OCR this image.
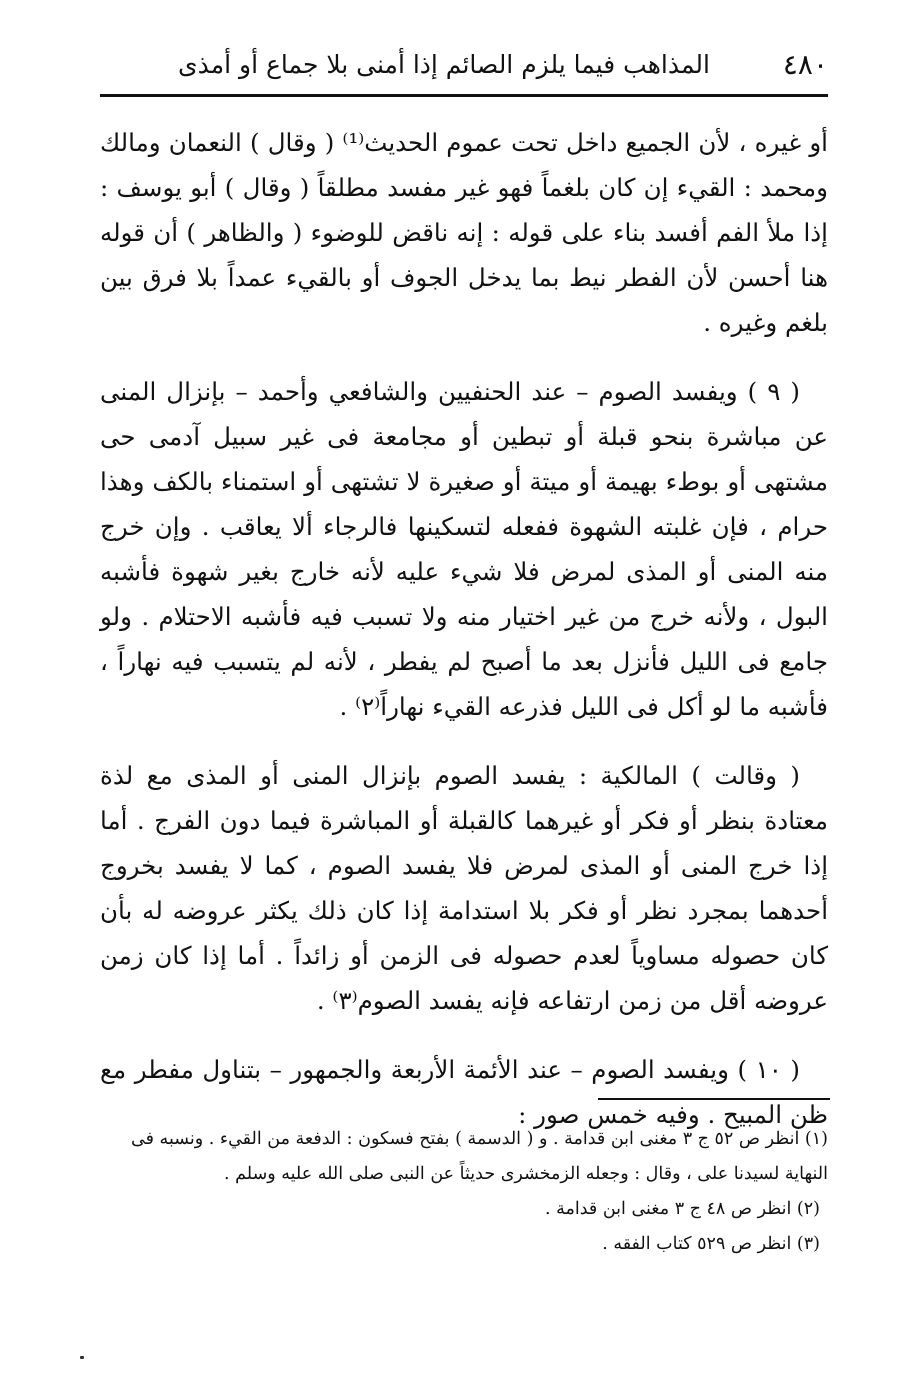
٤٨٠
المذاهب فيما يلزم الصائم إذا أمنى بلا جماع أو أمذى

أو غيره ، لأن الجميع داخل تحت عموم الحديث⁽¹⁾ ( وقال ) النعمان ومالك ومحمد : القيء إن كان بلغماً فهو غير مفسد مطلقاً ( وقال ) أبو يوسف : إذا ملأ الفم أفسد بناء على قوله : إنه ناقض للوضوء ( والظاهر ) أن قوله هنا أحسن لأن الفطر نيط بما يدخل الجوف أو بالقيء عمداً بلا فرق بين بلغم وغيره .

( ٩ ) ويفسد الصوم – عند الحنفيين والشافعي وأحمد – بإنزال المنى عن مباشرة بنحو قبلة أو تبطين أو مجامعة فى غير سبيل آدمى حى مشتهى أو بوطء بهيمة أو ميتة أو صغيرة لا تشتهى أو استمناء بالكف وهذا حرام ، فإن غلبته الشهوة ففعله لتسكينها فالرجاء ألا يعاقب . وإن خرج منه المنى أو المذى لمرض فلا شيء عليه لأنه خارج بغير شهوة فأشبه البول ، ولأنه خرج من غير اختيار منه ولا تسبب فيه فأشبه الاحتلام . ولو جامع فى الليل فأنزل بعد ما أصبح لم يفطر ، لأنه لم يتسبب فيه نهاراً ، فأشبه ما لو أكل فى الليل فذرعه القيء نهاراً⁽٢⁾ .

( وقالت ) المالكية : يفسد الصوم بإنزال المنى أو المذى مع لذة معتادة بنظر أو فكر أو غيرهما كالقبلة أو المباشرة فيما دون الفرج . أما إذا خرج المنى أو المذى لمرض فلا يفسد الصوم ، كما لا يفسد بخروج أحدهما بمجرد نظر أو فكر بلا استدامة إذا كان ذلك يكثر عروضه له بأن كان حصوله مساوياً لعدم حصوله فى الزمن أو زائداً . أما إذا كان زمن عروضه أقل من زمن ارتفاعه فإنه يفسد الصوم⁽٣⁾ .

( ١٠ ) ويفسد الصوم – عند الأئمة الأربعة والجمهور – بتناول مفطر مع ظن المبيح . وفيه خمس صور :

(١) انظر ص ٥٢ ج ٣ مغنى ابن قدامة . و ( الدسمة ) بفتح فسكون : الدفعة من القيء . ونسبه فى النهاية لسيدنا على ، وقال : وجعله الزمخشرى حديثاً عن النبى صلى الله عليه وسلم .

(٢) انظر ص ٤٨ ج ٣ مغنى ابن قدامة .

(٣) انظر ص ٥٢٩ كتاب الفقه .
